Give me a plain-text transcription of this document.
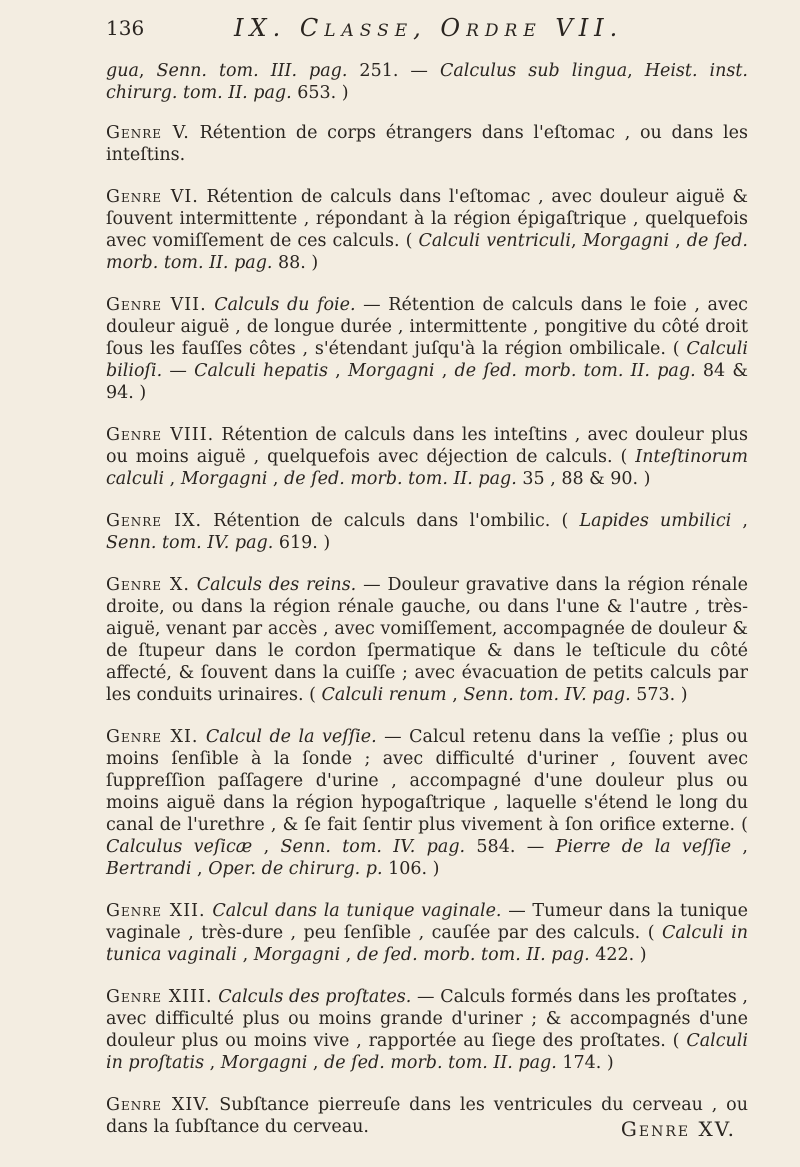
136	IX. Classe, Ordre VII.

gua, Senn. tom. III. pag. 251. — Calculus sub lingua, Heist. inst. chirurg. tom. II. pag. 653. )

Genre V. Rétention de corps étrangers dans l'eſtomac , ou dans les inteſtins.

Genre VI. Rétention de calculs dans l'eſtomac , avec douleur aiguë & ſouvent intermittente , répondant à la région épigaſtrique , quelquefois avec vomiſſement de ces calculs. ( Calculi ventriculi, Morgagni , de ſed. morb. tom. II. pag. 88. )

Genre VII. Calculs du foie. — Rétention de calculs dans le foie , avec douleur aiguë , de longue durée , intermittente , pongitive du côté droit ſous les fauſſes côtes , s'étendant juſqu'à la région ombilicale. ( Calculi bilioſi. — Calculi hepatis , Morgagni , de ſed. morb. tom. II. pag. 84 & 94. )

Genre VIII. Rétention de calculs dans les inteſtins , avec douleur plus ou moins aiguë , quelquefois avec déjection de calculs. ( Inteſtinorum calculi , Morgagni , de ſed. morb. tom. II. pag. 35 , 88 & 90. )

Genre IX. Rétention de calculs dans l'ombilic. ( Lapides umbilici , Senn. tom. IV. pag. 619. )

Genre X. Calculs des reins. — Douleur gravative dans la région rénale droite, ou dans la région rénale gauche, ou dans l'une & l'autre , très-aiguë, venant par accès , avec vomiſſement, accompagnée de douleur & de ſtupeur dans le cordon ſpermatique & dans le teſticule du côté affecté, & ſouvent dans la cuiſſe ; avec évacuation de petits calculs par les conduits urinaires. ( Calculi renum , Senn. tom. IV. pag. 573. )

Genre XI. Calcul de la veſſie. — Calcul retenu dans la veſſie ; plus ou moins ſenſible à la ſonde ; avec difficulté d'uriner , ſouvent avec ſuppreſſion paſſagere d'urine , accompagné d'une douleur plus ou moins aiguë dans la région hypogaſtrique , laquelle s'étend le long du canal de l'urethre , & ſe fait ſentir plus vivement à ſon orifice externe. ( Calculus veſicæ , Senn. tom. IV. pag. 584. — Pierre de la veſſie , Bertrandi , Oper. de chirurg. p. 106. )

Genre XII. Calcul dans la tunique vaginale. — Tumeur dans la tunique vaginale , très-dure , peu ſenſible , cauſée par des calculs. ( Calculi in tunica vaginali , Morgagni , de ſed. morb. tom. II. pag. 422. )

Genre XIII. Calculs des proſtates. — Calculs formés dans les proſtates , avec difficulté plus ou moins grande d'uriner ; & accompagnés d'une douleur plus ou moins vive , rapportée au ſiege des proſtates. ( Calculi in proſtatis , Morgagni , de ſed. morb. tom. II. pag. 174. )

Genre XIV. Subſtance pierreuſe dans les ventricules du cerveau , ou dans la ſubſtance du cerveau.	Genre XV.
